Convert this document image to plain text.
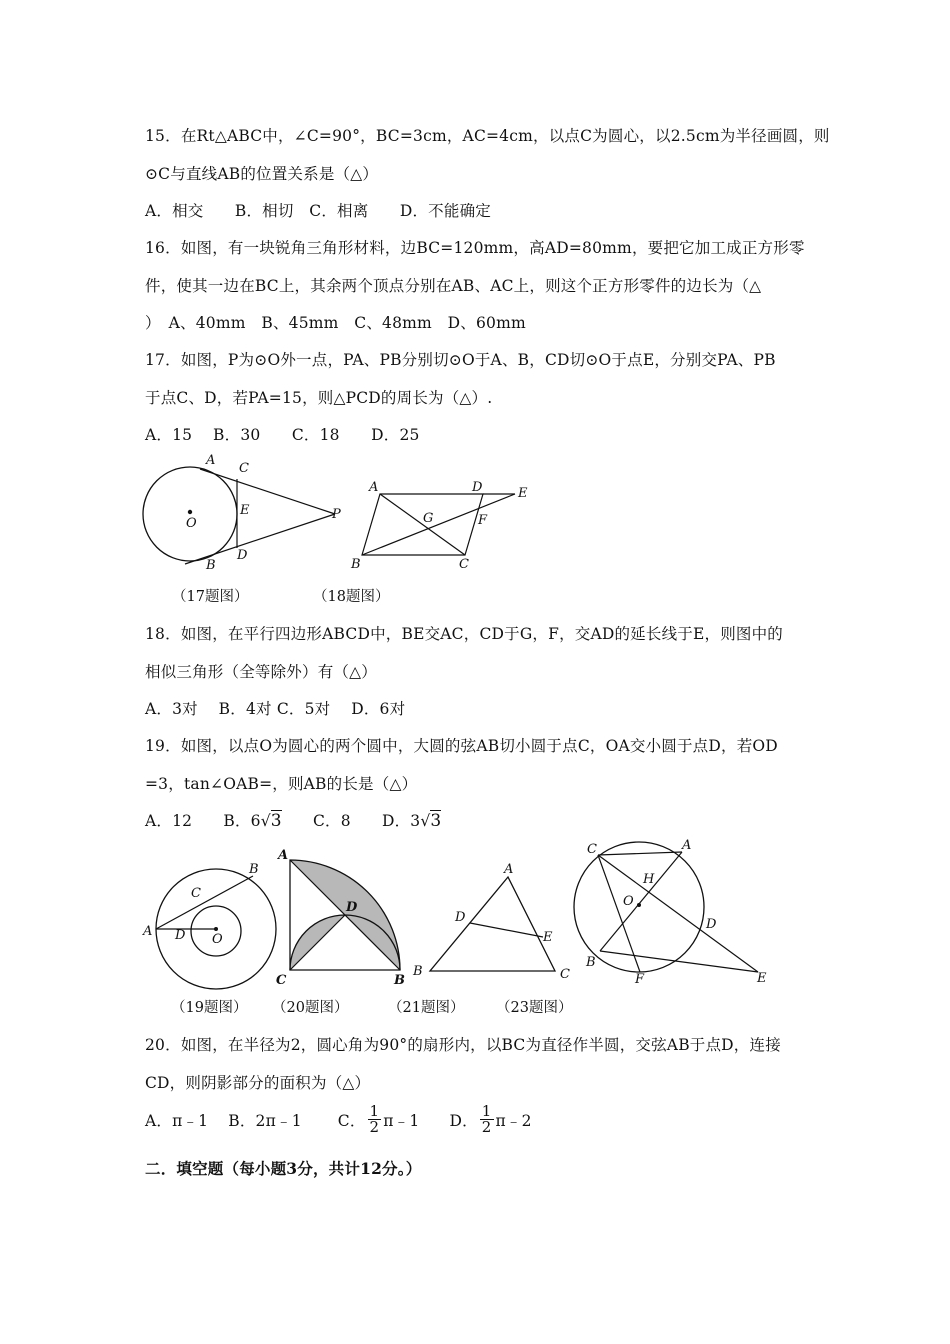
15．在Rt△ABC中，∠C=90°，BC=3cm，AC=4cm，以点C为圆心，以2.5cm为半径画圆，则
⊙C与直线AB的位置关系是（△）
A．相交　　B．相切　C．相离　　D．不能确定
16．如图，有一块锐角三角形材料，边BC=120mm，高AD=80mm，要把它加工成正方形零
件，使其一边在BC上，其余两个顶点分别在AB、AC上，则这个正方形零件的边长为（△
）　A、40mm　B、45mm　C、48mm　D、60mm
17．如图，P为⊙O外一点，PA、PB分别切⊙O于A、B，CD切⊙O于点E，分别交PA、PB
于点C、D，若PA=15，则△PCD的周长为（△）.
A．15　 B．30　　C．18　　D．25
A
C
O
E	P
D
B
A	D	E
G	F
B	C
（17题图）	（18题图）
18．如图，在平行四边形ABCD中，BE交AC，CD于G，F，交AD的延长线于E，则图中的
相似三角形（全等除外）有（△）
A．3对　 B．4对 C．5对　 D．6对
19．如图，以点O为圆心的两个圆中，大圆的弦AB切小圆于点C，OA交小圆于点D，若OD
=3，tan∠OAB=，则AB的长是（△）
A．12 B．6√3 C．8 D．3√3
B
C
A D O
A
D
C	B
A
D
E
B	C
C	A
H
O
D
B
F	E
（19题图） （20题图）	（21题图） （23题图）
20．如图，在半径为2，圆心角为90°的扇形内，以BC为直径作半圆，交弦AB于点D，连接
CD，则阴影部分的面积为（△）
A．π﹣1 B．2π﹣1 C． $\frac{1}{2}$ π﹣1 D． $\frac{1}{2}$ π﹣2
二．填空题（每小题3分，共计12分。）
